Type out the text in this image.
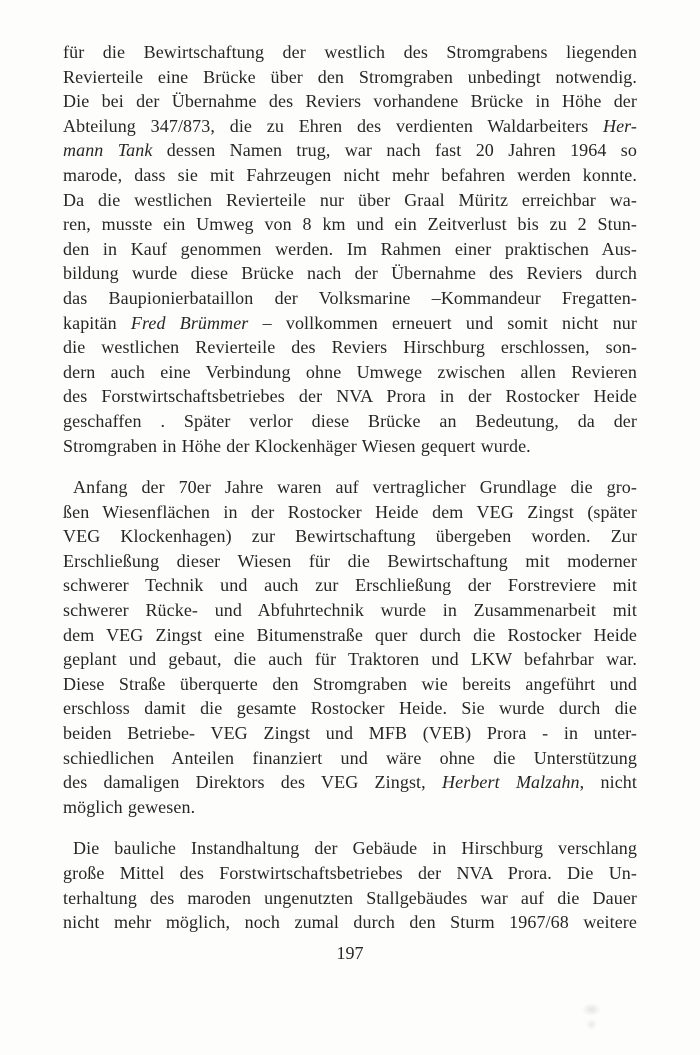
für die Bewirtschaftung der westlich des Stromgrabens liegenden
Revierteile eine Brücke über den Stromgraben unbedingt notwendig.
Die bei der Übernahme des Reviers vorhandene Brücke in Höhe der
Abteilung 347/873, die zu Ehren des verdienten Waldarbeiters Her-
mann Tank dessen Namen trug, war nach fast 20 Jahren 1964 so
marode, dass sie mit Fahrzeugen nicht mehr befahren werden konnte.
Da die westlichen Revierteile nur über Graal Müritz erreichbar wa-
ren, musste ein Umweg von 8 km und ein Zeitverlust bis zu 2 Stun-
den in Kauf genommen werden. Im Rahmen einer praktischen Aus-
bildung wurde diese Brücke nach der Übernahme des Reviers durch
das Baupionierbataillon der Volksmarine –Kommandeur Fregatten-
kapitän Fred Brümmer – vollkommen erneuert und somit nicht nur
die westlichen Revierteile des Reviers Hirschburg erschlossen, son-
dern auch eine Verbindung ohne Umwege zwischen allen Revieren
des Forstwirtschaftsbetriebes der NVA Prora in der Rostocker Heide
geschaffen . Später verlor diese Brücke an Bedeutung, da der
Stromgraben in Höhe der Klockenhäger Wiesen gequert wurde.
Anfang der 70er Jahre waren auf vertraglicher Grundlage die gro-
ßen Wiesenflächen in der Rostocker Heide dem VEG Zingst (später
VEG Klockenhagen) zur Bewirtschaftung übergeben worden. Zur
Erschließung dieser Wiesen für die Bewirtschaftung mit moderner
schwerer Technik und auch zur Erschließung der Forstreviere mit
schwerer Rücke- und Abfuhrtechnik wurde in Zusammenarbeit mit
dem VEG Zingst eine Bitumenstraße quer durch die Rostocker Heide
geplant und gebaut, die auch für Traktoren und LKW befahrbar war.
Diese Straße überquerte den Stromgraben wie bereits angeführt und
erschloss damit die gesamte Rostocker Heide. Sie wurde durch die
beiden Betriebe- VEG Zingst und MFB (VEB) Prora - in unter-
schiedlichen Anteilen finanziert und wäre ohne die Unterstützung
des damaligen Direktors des VEG Zingst, Herbert Malzahn, nicht
möglich gewesen.
Die bauliche Instandhaltung der Gebäude in Hirschburg verschlang
große Mittel des Forstwirtschaftsbetriebes der NVA Prora. Die Un-
terhaltung des maroden ungenutzten Stallgebäudes war auf die Dauer
nicht mehr möglich, noch zumal durch den Sturm 1967/68 weitere
197
